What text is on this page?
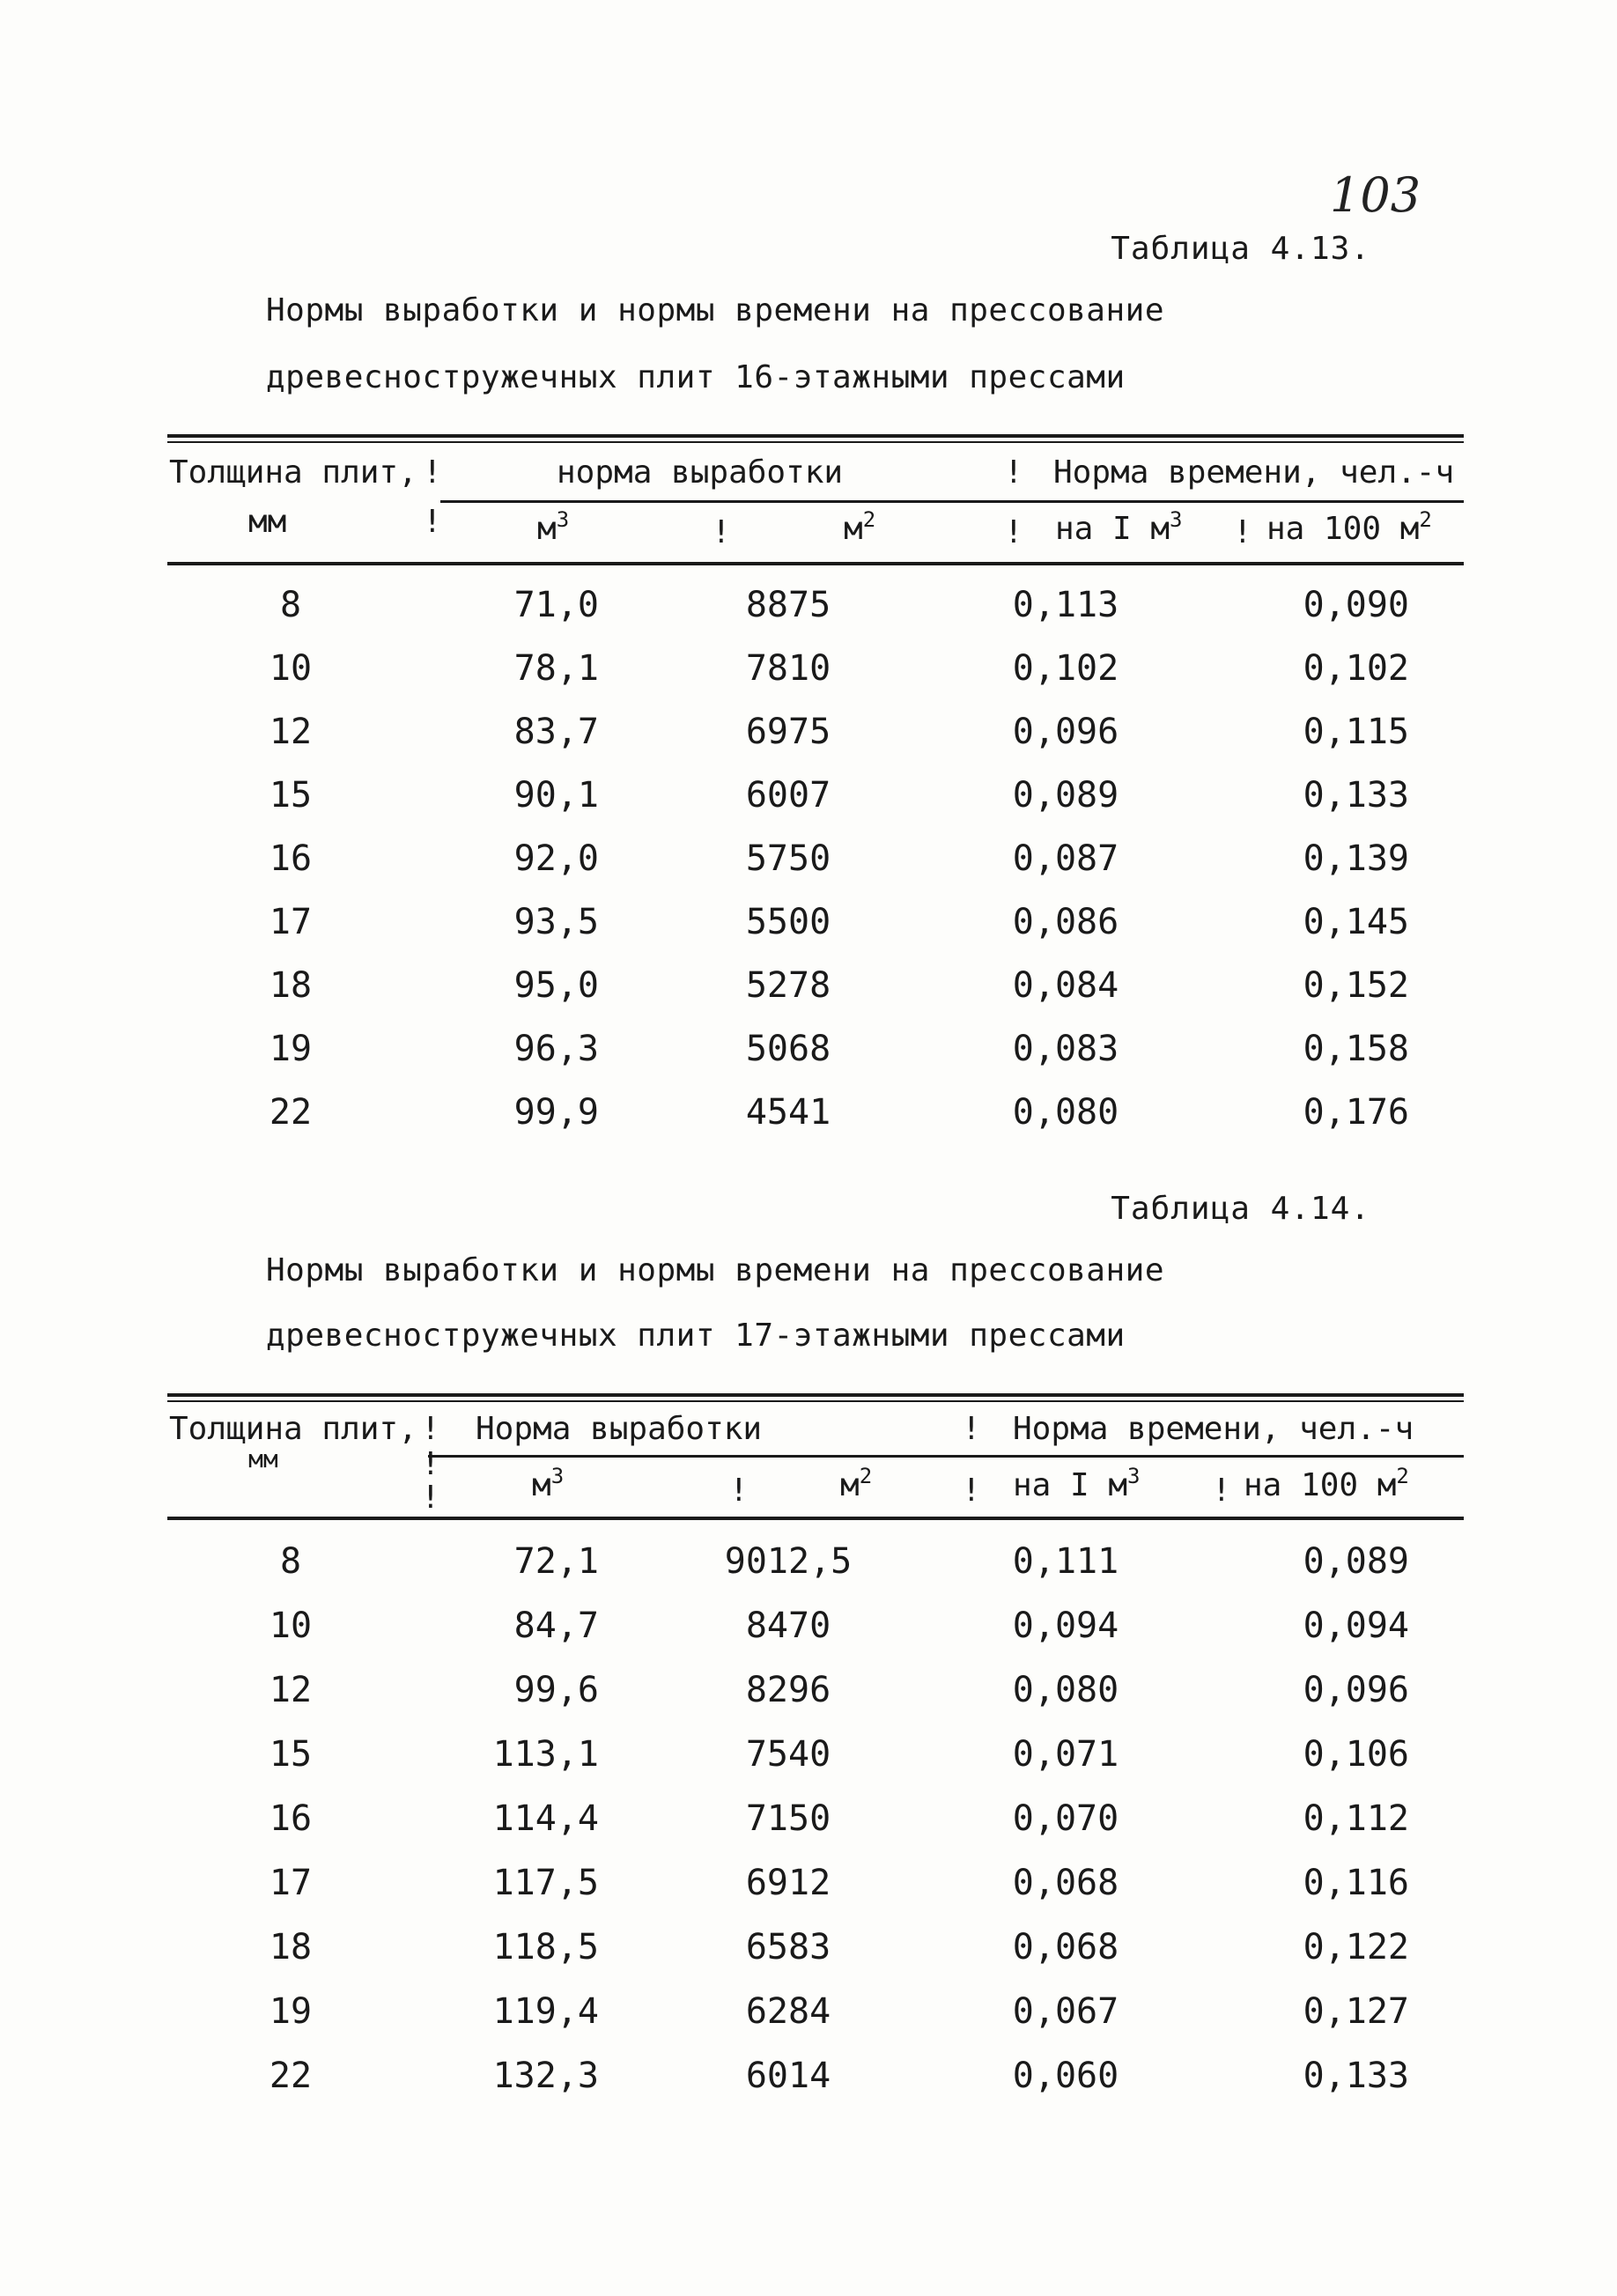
103
Таблица 4.13.
Нормы выработки и нормы времени на прессование
древесностружечных плит 16-этажными прессами
Толщина плит, !	норма выработки	! Норма времени, чел.-ч
мм	!	$м^3$	!	$м^2$	! на I $м^3$ ! на 100 $м^2$
8	71,0	8875	0,113	0,090
10	78,1	7810	0,102	0,102
12	83,7	6975	0,096	0,115
15	90,1	6007	0,089	0,133
16	92,0	5750	0,087	0,139
17	93,5	5500	0,086	0,145
18	95,0	5278	0,084	0,152
19	96,3	5068	0,083	0,158
22	99,9	4541	0,080	0,176
Таблица 4.14.
Нормы выработки и нормы времени на прессование
древесностружечных плит 17-этажными прессами
Толщина плит, ! Норма выработки	! Норма времени, чел.-ч
мм	!
!	$м^3$	!	$м^2$	! на I $м^3$ ! на 100 $м^2$
8	72,1	9012,5	0,111	0,089
10	84,7	8470	0,094	0,094
12	99,6	8296	0,080	0,096
15	113,1	7540	0,071	0,106
16	114,4	7150	0,070	0,112
17	117,5	6912	0,068	0,116
18	118,5	6583	0,068	0,122
19	119,4	6284	0,067	0,127
22	132,3	6014	0,060	0,133
